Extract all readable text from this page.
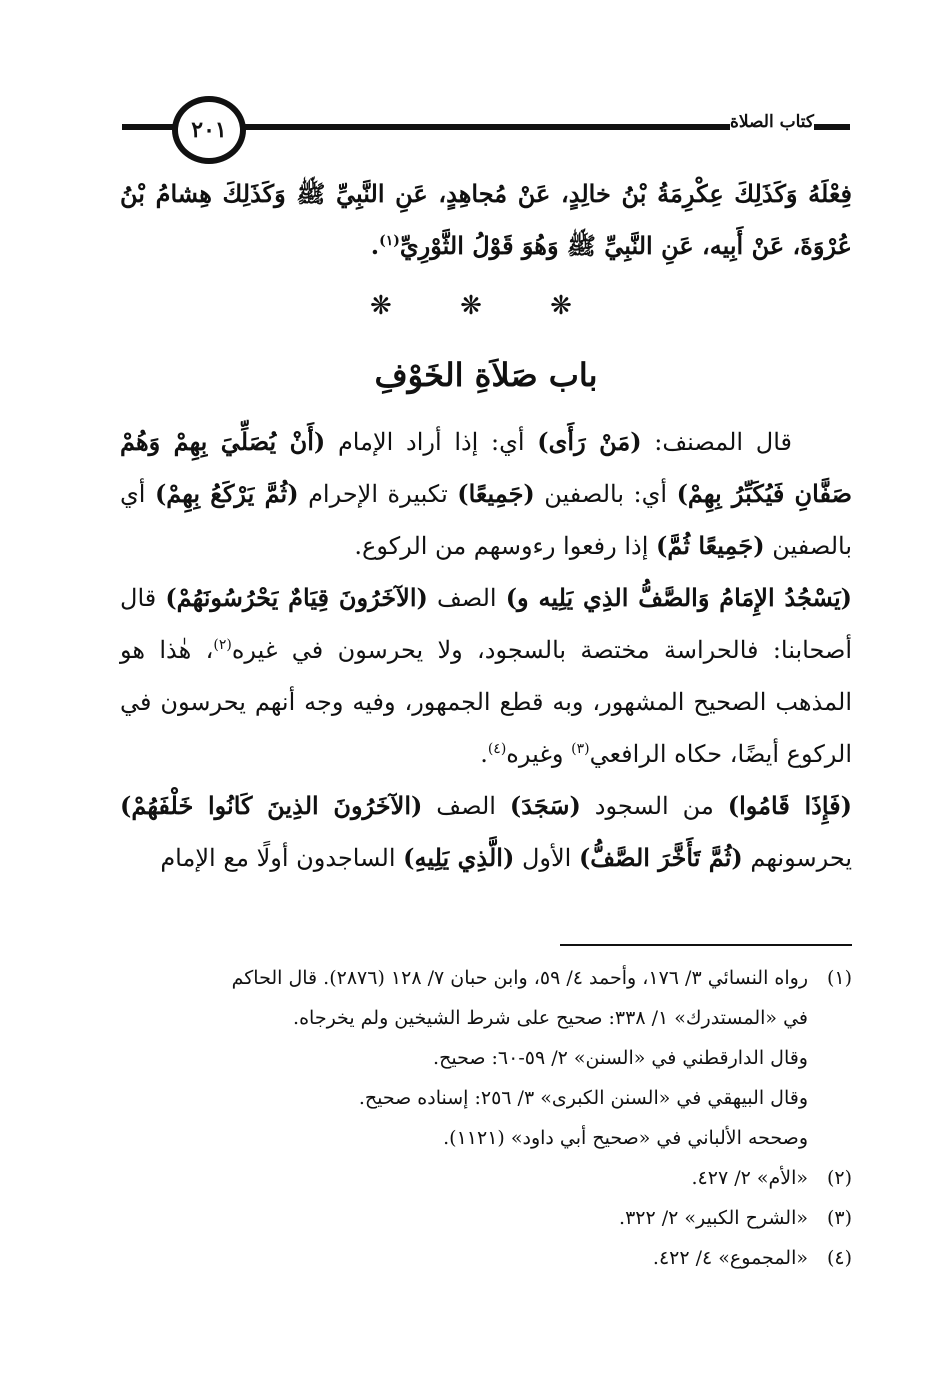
٢٠١	كتاب الصلاة

فِعْلَهُ وَكَذَلِكَ عِكْرِمَةُ بْنُ خالِدٍ، عَنْ مُجاهِدٍ، عَنِ النَّبِيِّ ﷺ وَكَذَلِكَ هِشامُ بْنُ عُرْوَةَ، عَنْ أَبِيه، عَنِ النَّبِيِّ ﷺ وَهُوَ قَوْلُ الثَّوْرِيِّ$^{(١)}$.

❋ ❋ ❋
باب صَلاَةِ الخَوْفِ

قال المصنف: (مَنْ رَأَى) أي: إذا أراد الإمام (أَنْ يُصَلِّيَ بِهِمْ وَهُمْ صَفَّانِ فَيُكَبِّرُ بِهِمْ) أي: بالصفين (جَمِيعًا) تكبيرة الإحرام (ثُمَّ يَرْكَعُ بِهِمْ) أي بالصفين (جَمِيعًا ثُمَّ) إذا رفعوا رءوسهم من الركوع.

(يَسْجُدُ الإِمَامُ وَالصَّفُّ الذِي يَلِيه و) الصف (الآخَرُونَ قِيَامٌ يَحْرُسُونَهُمْ) قال أصحابنا: فالحراسة مختصة بالسجود، ولا يحرسون في غيره$^{(٢)}$، هٰذا هو المذهب الصحيح المشهور، وبه قطع الجمهور، وفيه وجه أنهم يحرسون في الركوع أيضًا، حكاه الرافعي$^{(٣)}$ وغيره$^{(٤)}$.

(فَإِذَا قَامُوا) من السجود (سَجَدَ) الصف (الآخَرُونَ الذِينَ كَانُوا خَلْفَهُمْ) يحرسونهم (ثُمَّ تَأَخَّرَ الصَّفُّ) الأول (الَّذِي يَلِيهِ) الساجدون أولًا مع الإمام

(١)
رواه النسائي ٣/ ١٧٦، وأحمد ٤/ ٥٩، وابن حبان ٧/ ١٢٨ (٢٨٧٦). قال الحاكم
في «المستدرك» ١/ ٣٣٨: صحيح على شرط الشيخين ولم يخرجاه.
وقال الدارقطني في «السنن» ٢/ ٥٩-٦٠: صحيح.
وقال البيهقي في «السنن الكبرى» ٣/ ٢٥٦: إسناده صحيح.
وصححه الألباني في «صحيح أبي داود» (١١٢١).
(٢)
«الأم» ٢/ ٤٢٧.
(٣)
«الشرح الكبير» ٢/ ٣٢٢.
(٤)
«المجموع» ٤/ ٤٢٢.
